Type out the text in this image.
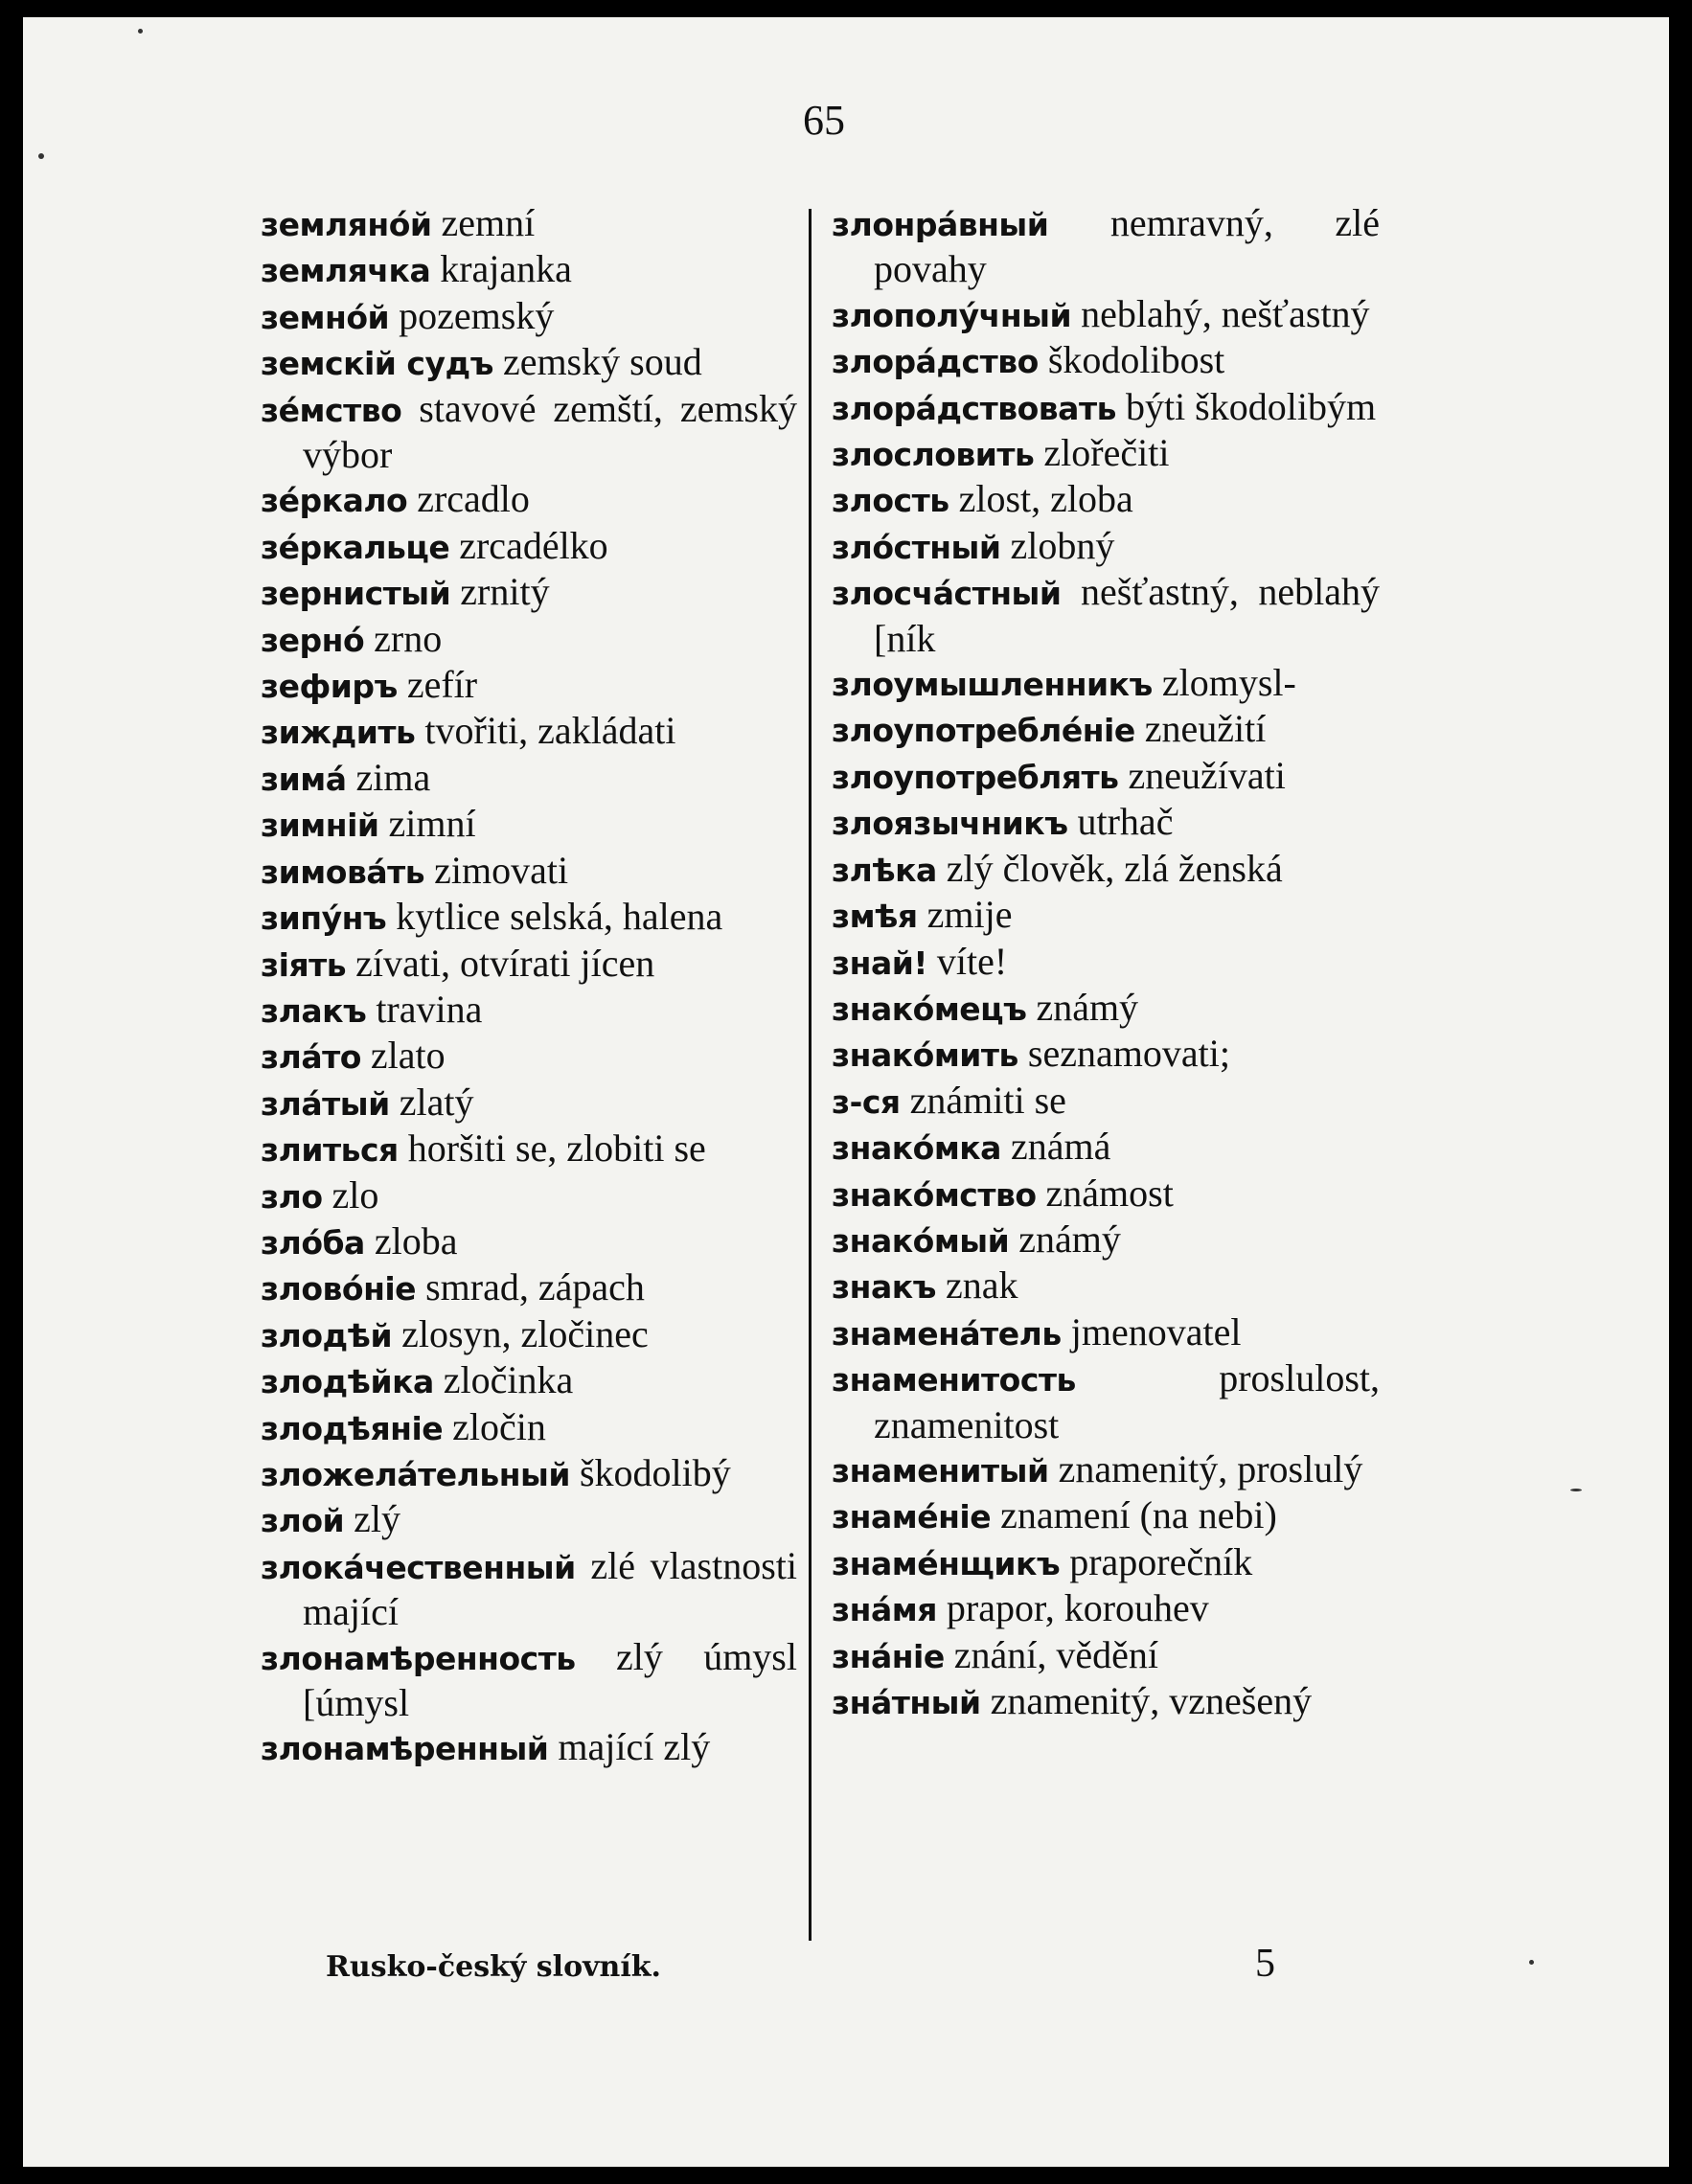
65

землянóй zemní

землячка krajanka

земнóй pozemský

земскій судъ zemský soud

зéмство stavové zemští, zemský výbor

зéркало zrcadlo

зéркальце zrcadélko

зернистый zrnitý

зернó zrno

зефиръ zefír

зиждить tvořiti, zakládati

зимá zima

зимній zimní

зимовáть zimovati

зипýнъ kytlice selská, halena

зiять zívati, otvírati jícen

злакъ travina

злáто zlato

злáтый zlatý

злиться horšiti se, zlobiti se

зло zlo

злóба zloba

зловóніе smrad, zápach

злодѣй zlosyn, zločinec

злодѣйка zločinka

злодѣяніе zločin

зложелáтельный škodolibý

злой zlý

злокáчественный zlé vlastnosti mající

злонамѣренность zlý úmysl [úmysl

злонамѣренный mající zlý

злонрáвный nemravný, zlé povahy

злополýчный neblahý, nešťastný

злорáдство škodolibost

злорáдствовать býti škodolibým

злословить zlořečiti

злость zlost, zloba

злóстный zlobný

злосчáстный nešťastný, neblahý [ník

злоумышленникъ zlomysl-

злоупотреблéніе zneužití

злоупотреблять zneužívati

злоязычникъ utrhač

злѣка zlý člověk, zlá ženská

змѣя zmije

знай! víte!

знакóмецъ známý

знакóмить seznamovati;

з-ся známiti se

знакóмка známá

знакóмство známost

знакóмый známý

знакъ znak

знаменáтель jmenovatel

знаменитость	proslulost, znamenitost

знаменитый znamenitý, proslulý

знамéніе znamení (na nebi)

знамéнщикъ praporečník

знáмя prapor, korouhev

знáніе znání, vědění

знáтный znamenitý, vznešený

Rusko-český slovník.	5
